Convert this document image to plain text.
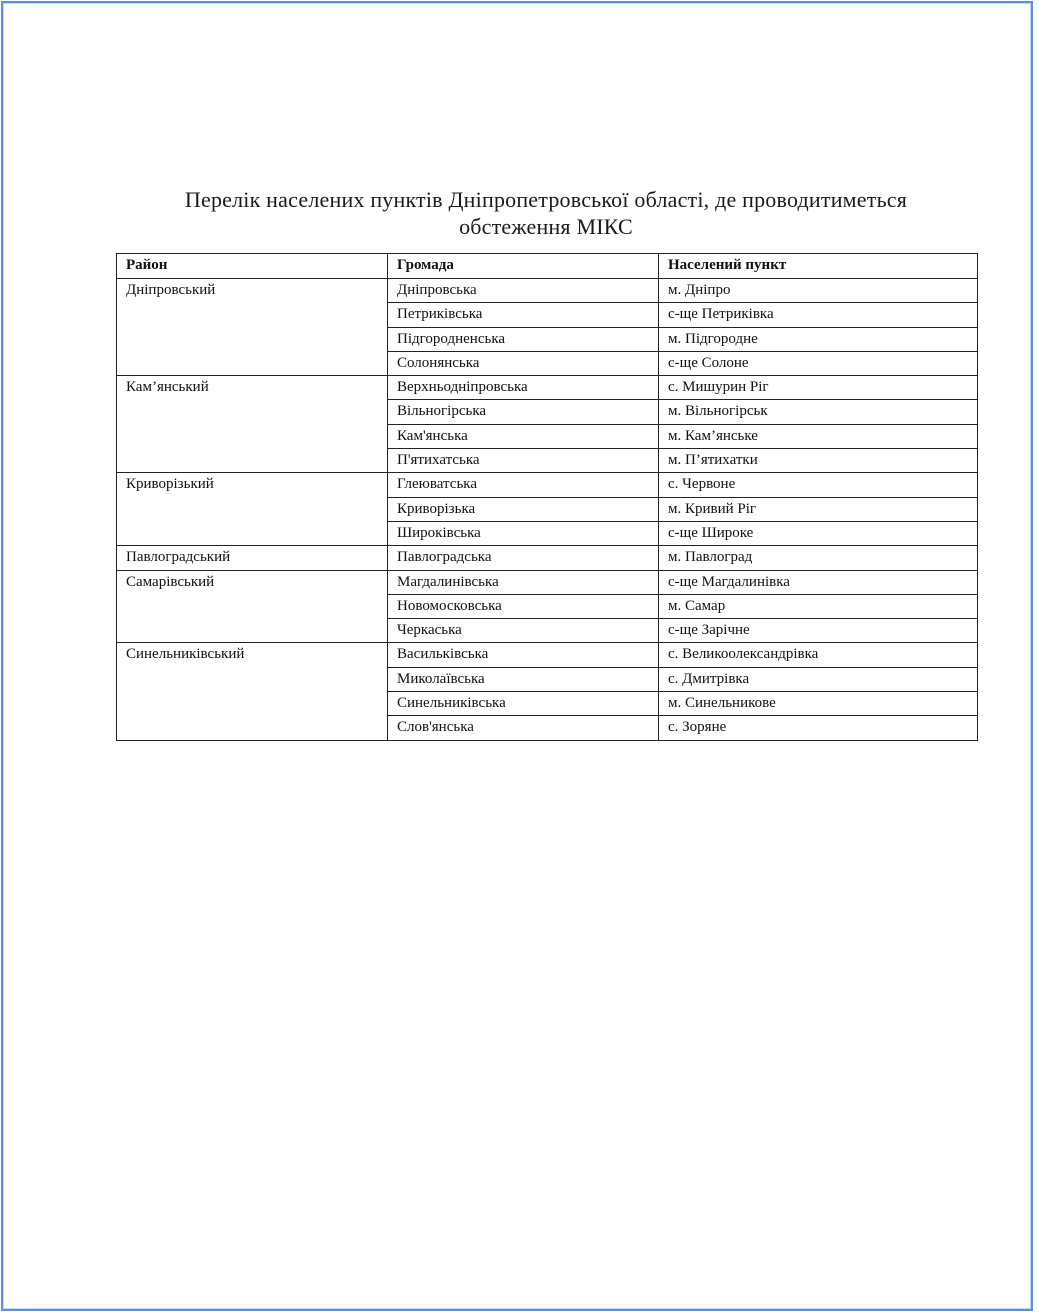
Перелік населених пунктів Дніпропетровської області, де проводитиметься
обстеження МІКС
Район	Громада	Населений пункт
Дніпровський	Дніпровська	м. Дніпро
	Петриківська	с-ще Петриківка
	Підгородненська	м. Підгородне
	Солонянська	с-ще Солоне
Кам’янський	Верхньодніпровська	с. Мишурин Ріг
	Вільногірська	м. Вільногірськ
	Кам'янська	м. Кам’янське
	П'ятихатська	м. П’ятихатки
Криворізький	Глеюватська	с. Червоне
	Криворізька	м. Кривий Ріг
	Широківська	с-ще Широке
Павлоградський	Павлоградська	м. Павлоград
Самарівський	Магдалинівська	с-ще Магдалинівка
	Новомосковська	м. Самар
	Черкаська	с-ще Зарічне
Синельниківський	Васильківська	с. Великоолександрівка
	Миколаївська	с. Дмитрівка
	Синельниківська	м. Синельникове
	Слов'янська	с. Зоряне
